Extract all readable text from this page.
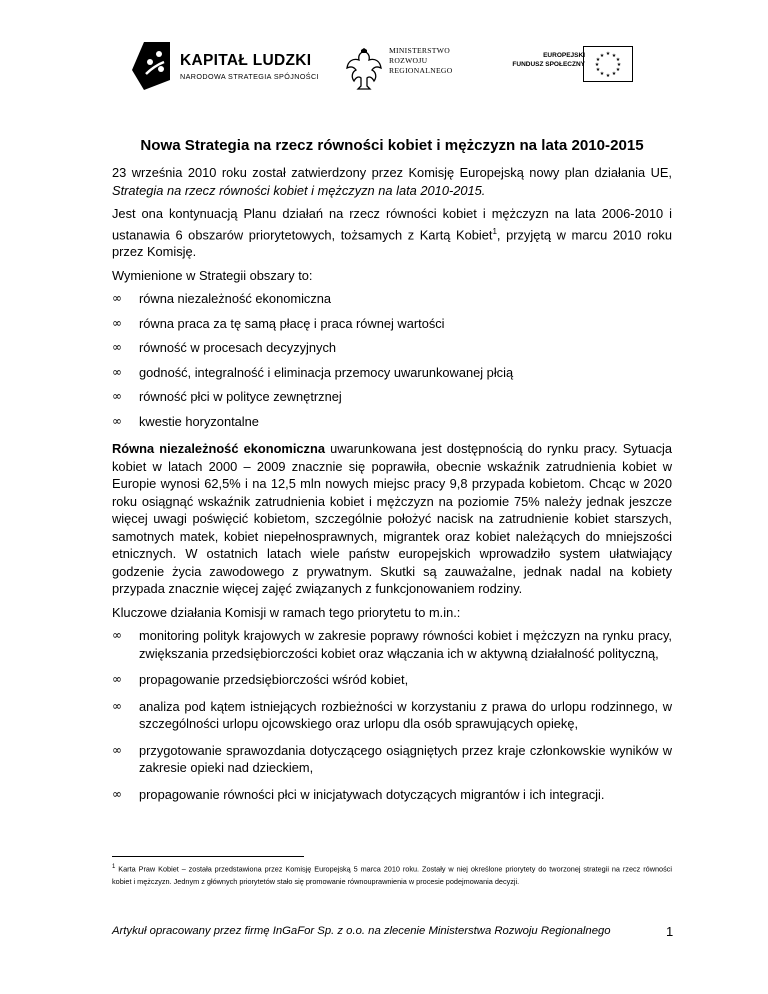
KAPITAŁ LUDZKI
NARODOWA STRATEGIA SPÓJNOŚCI
MINISTERSTWO
ROZWOJU
REGIONALNEGO
EUROPEJSKI
FUNDUSZ SPOŁECZNY
★ ★
★
★
★
★
★
★
★
★
★
★
Nowa Strategia na rzecz równości kobiet i mężczyzn na lata 2010-2015

23 września 2010 roku został zatwierdzony przez Komisję Europejską nowy plan działania UE, Strategia na rzecz równości kobiet i mężczyzn na lata 2010-2015.

Jest ona kontynuacją Planu działań na rzecz równości kobiet i mężczyzn na lata 2006-2010 i ustanawia 6 obszarów priorytetowych, tożsamych z Kartą Kobiet$^1$, przyjętą w marcu 2010 roku przez Komisję.

Wymienione w Strategii obszary to:

∞ równa niezależność ekonomiczna
∞ równa praca za tę samą płacę i praca równej wartości
∞ równość w procesach decyzyjnych
∞ godność, integralność i eliminacja przemocy uwarunkowanej płcią
∞ równość płci w polityce zewnętrznej
∞ kwestie horyzontalne

Równa niezależność ekonomiczna uwarunkowana jest dostępnością do rynku pracy. Sytuacja kobiet w latach 2000 – 2009 znacznie się poprawiła, obecnie wskaźnik zatrudnienia kobiet w Europie wynosi 62,5% i na 12,5 mln nowych miejsc pracy 9,8 przypada kobietom. Chcąc w 2020 roku osiągnąć wskaźnik zatrudnienia kobiet i mężczyzn na poziomie 75% należy jednak jeszcze więcej uwagi poświęcić kobietom, szczególnie położyć nacisk na zatrudnienie kobiet starszych, samotnych matek, kobiet niepełnosprawnych, migrantek oraz kobiet należących do mniejszości etnicznych. W ostatnich latach wiele państw europejskich wprowadziło system ułatwiający godzenie życia zawodowego z prywatnym. Skutki są zauważalne, jednak nadal na kobiety przypada znacznie więcej zajęć związanych z funkcjonowaniem rodziny.

Kluczowe działania Komisji w ramach tego priorytetu to m.in.:

∞ monitoring polityk krajowych w zakresie poprawy równości kobiet i mężczyzn na rynku pracy, zwiększania przedsiębiorczości kobiet oraz włączania ich w aktywną działalność polityczną,
∞ propagowanie przedsiębiorczości wśród kobiet,
∞ analiza pod kątem istniejących rozbieżności w korzystaniu z prawa do urlopu rodzinnego, w szczególności urlopu ojcowskiego oraz urlopu dla osób sprawujących opiekę,
∞ przygotowanie sprawozdania dotyczącego osiągniętych przez kraje członkowskie wyników w zakresie opieki nad dzieckiem,
∞ propagowanie równości płci w inicjatywach dotyczących migrantów i ich integracji.
$^1$ Karta Praw Kobiet – została przedstawiona przez Komisję Europejską 5 marca 2010 roku. Zostały w niej określone priorytety do tworzonej strategii na rzecz równości kobiet i mężczyzn. Jednym z głównych priorytetów stało się promowanie równouprawnienia w procesie podejmowania decyzji.
Artykuł opracowany przez firmę InGaFor Sp. z o.o. na zlecenie Ministerstwa Rozwoju Regionalnego	1
